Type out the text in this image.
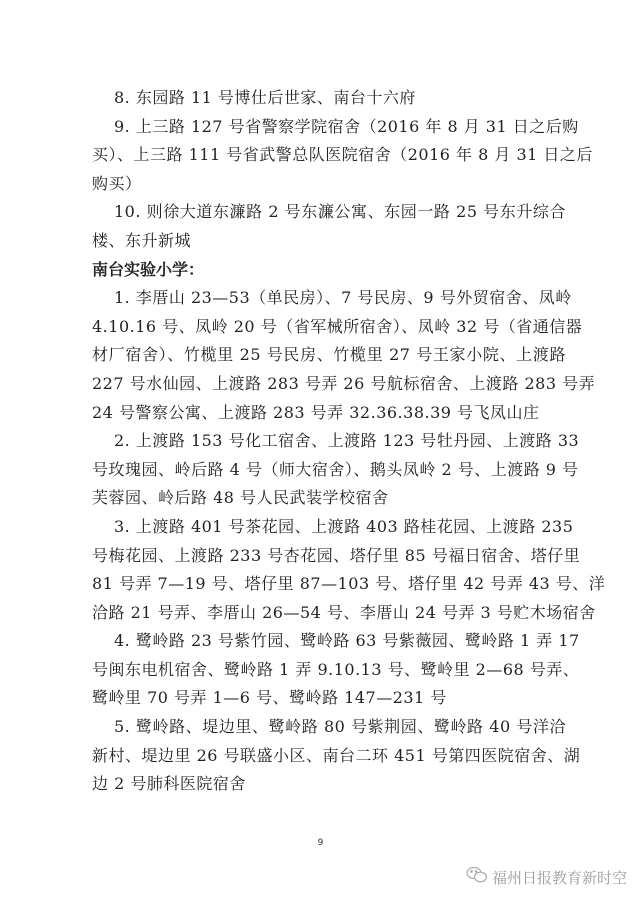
8. 东园路 11 号博仕后世家、南台十六府
9. 上三路 127 号省警察学院宿舍（2016 年 8 月 31 日之后购
买）、上三路 111 号省武警总队医院宿舍（2016 年 8 月 31 日之后
购买）
10. 则徐大道东濂路 2 号东濂公寓、东园一路 25 号东升综合
楼、东升新城
南台实验小学：
1. 李厝山 23—53（单民房）、7 号民房、9 号外贸宿舍、凤岭
4.10.16 号、凤岭 20 号（省军械所宿舍）、凤岭 32 号（省通信器
材厂宿舍）、竹榄里 25 号民房、竹榄里 27 号王家小院、上渡路
227 号水仙园、上渡路 283 号弄 26 号航标宿舍、上渡路 283 号弄
24 号警察公寓、上渡路 283 号弄 32.36.38.39 号飞凤山庄
2. 上渡路 153 号化工宿舍、上渡路 123 号牡丹园、上渡路 33
号玫瑰园、岭后路 4 号（师大宿舍）、鹅头凤岭 2 号、上渡路 9 号
芙蓉园、岭后路 48 号人民武装学校宿舍
3. 上渡路 401 号茶花园、上渡路 403 路桂花园、上渡路 235
号梅花园、上渡路 233 号杏花园、塔仔里 85 号福日宿舍、塔仔里
81 号弄 7—19 号、塔仔里 87—103 号、塔仔里 42 号弄 43 号、洋
洽路 21 号弄、李厝山 26—54 号、李厝山 24 号弄 3 号贮木场宿舍
4. 鹭岭路 23 号紫竹园、鹭岭路 63 号紫薇园、鹭岭路 1 弄 17
号闽东电机宿舍、鹭岭路 1 弄 9.10.13 号、鹭岭里 2—68 号弄、
鹭岭里 70 号弄 1—6 号、鹭岭路 147—231 号
5. 鹭岭路、堤边里、鹭岭路 80 号紫荆园、鹭岭路 40 号洋洽
新村、堤边里 26 号联盛小区、南台二环 451 号第四医院宿舍、湖
边 2 号肺科医院宿舍
9
福州日报教育新时空
